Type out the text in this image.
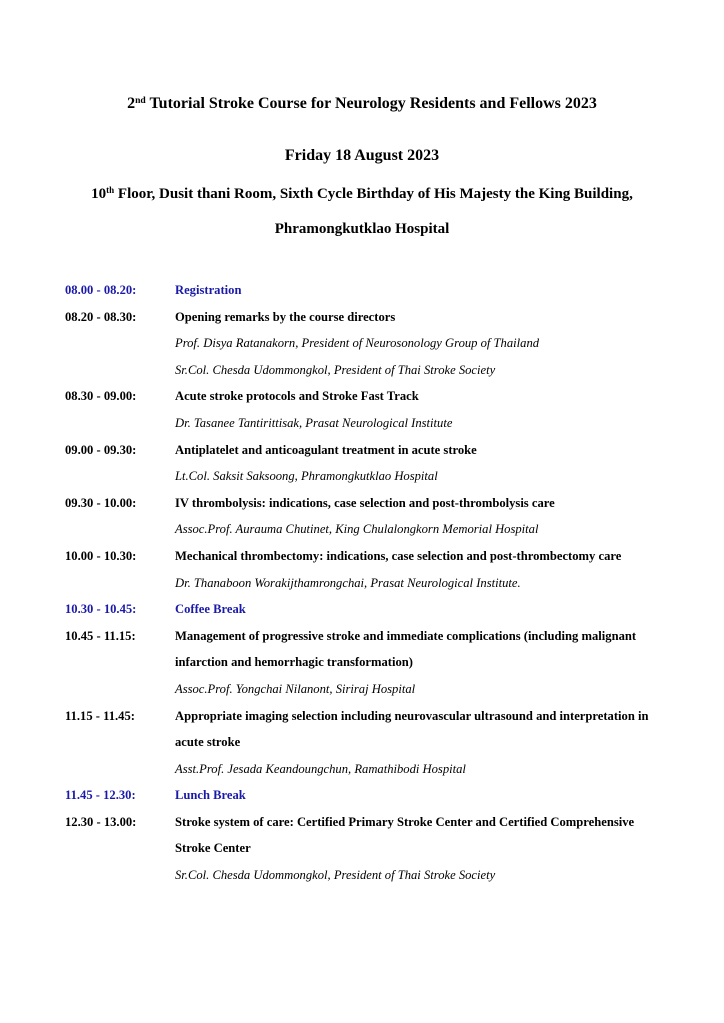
2nd Tutorial Stroke Course for Neurology Residents and Fellows 2023

Friday 18 August 2023

10th Floor, Dusit thani Room, Sixth Cycle Birthday of His Majesty the King Building,

Phramongkutklao Hospital

08.00 - 08.20:	Registration
08.20 - 08.30:	Opening remarks by the course directors
Prof. Disya Ratanakorn, President of Neurosonology Group of Thailand
Sr.Col. Chesda Udommongkol, President of Thai Stroke Society
08.30 - 09.00:	Acute stroke protocols and Stroke Fast Track
Dr. Tasanee Tantirittisak, Prasat Neurological Institute
09.00 - 09.30:	Antiplatelet and anticoagulant treatment in acute stroke
Lt.Col. Saksit Saksoong, Phramongkutklao Hospital
09.30 - 10.00:	IV thrombolysis: indications, case selection and post-thrombolysis care
Assoc.Prof. Aurauma Chutinet, King Chulalongkorn Memorial Hospital
10.00 - 10.30:	Mechanical thrombectomy: indications, case selection and post-thrombectomy care
Dr. Thanaboon Worakijthamrongchai, Prasat Neurological Institute.
10.30 - 10.45:	Coffee Break
10.45 - 11.15:	Management of progressive stroke and immediate complications (including malignant infarction and hemorrhagic transformation)
Assoc.Prof. Yongchai Nilanont, Siriraj Hospital
11.15 - 11.45:	Appropriate imaging selection including neurovascular ultrasound and interpretation in acute stroke
Asst.Prof. Jesada Keandoungchun, Ramathibodi Hospital
11.45 - 12.30:	Lunch Break
12.30 - 13.00:	Stroke system of care: Certified Primary Stroke Center and Certified Comprehensive Stroke Center
Sr.Col. Chesda Udommongkol, President of Thai Stroke Society
